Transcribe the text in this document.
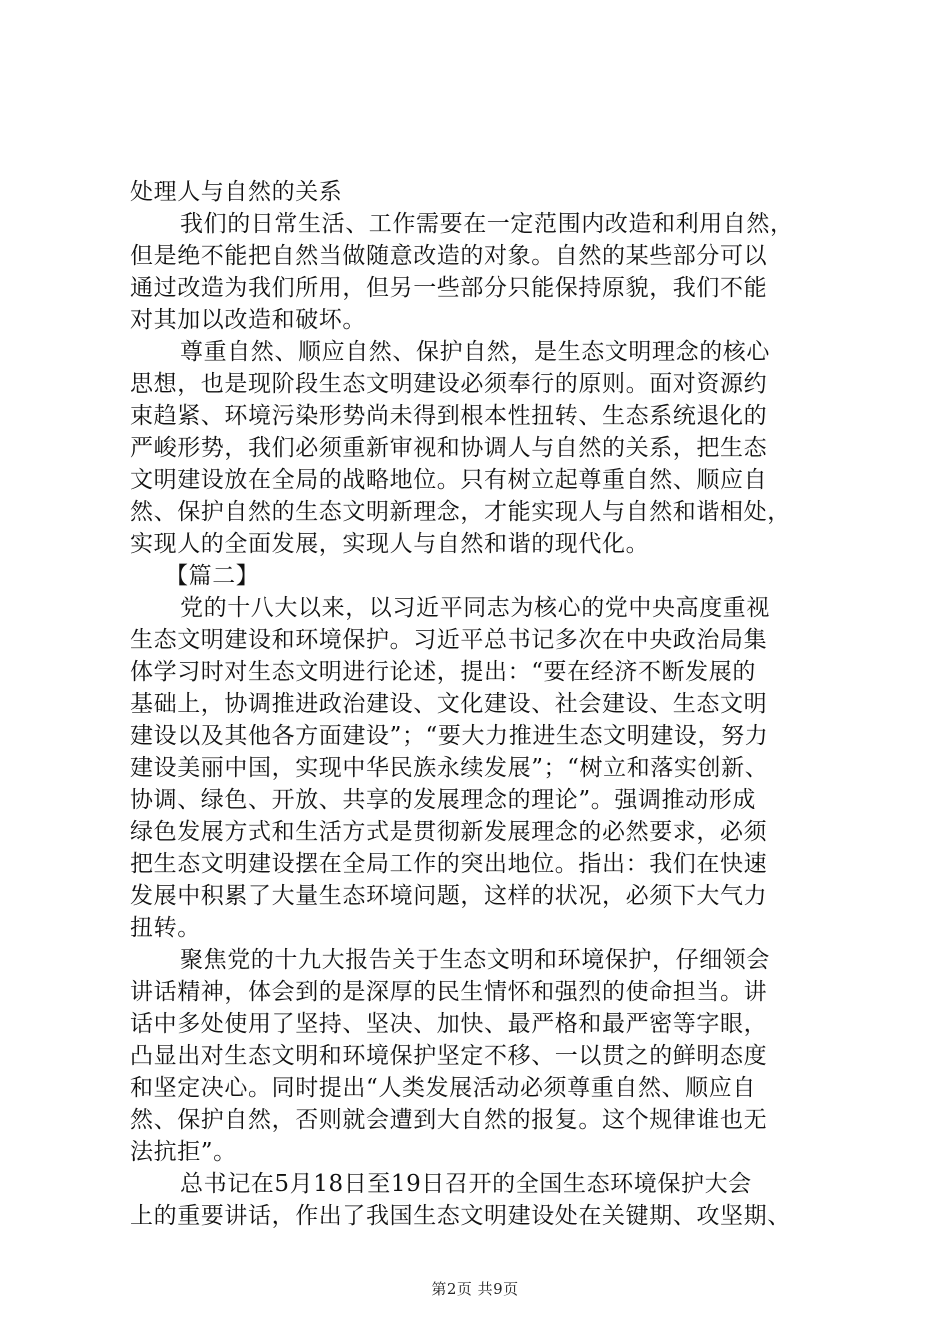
处理人与自然的关系
我们的日常生活、工作需要在一定范围内改造和利用自然，
但是绝不能把自然当做随意改造的对象。自然的某些部分可以
通过改造为我们所用，但另一些部分只能保持原貌，我们不能
对其加以改造和破坏。
尊重自然、顺应自然、保护自然，是生态文明理念的核心
思想，也是现阶段生态文明建设必须奉行的原则。面对资源约
束趋紧、环境污染形势尚未得到根本性扭转、生态系统退化的
严峻形势，我们必须重新审视和协调人与自然的关系，把生态
文明建设放在全局的战略地位。只有树立起尊重自然、顺应自
然、保护自然的生态文明新理念，才能实现人与自然和谐相处，
实现人的全面发展，实现人与自然和谐的现代化。
【篇二】
党的十八大以来，以习近平同志为核心的党中央高度重视
生态文明建设和环境保护。习近平总书记多次在中央政治局集
体学习时对生态文明进行论述，提出：“要在经济不断发展的
基础上，协调推进政治建设、文化建设、社会建设、生态文明
建设以及其他各方面建设”；“要大力推进生态文明建设，努力
建设美丽中国，实现中华民族永续发展”；“树立和落实创新、
协调、绿色、开放、共享的发展理念的理论”。强调推动形成
绿色发展方式和生活方式是贯彻新发展理念的必然要求，必须
把生态文明建设摆在全局工作的突出地位。指出：我们在快速
发展中积累了大量生态环境问题，这样的状况，必须下大气力
扭转。
聚焦党的十九大报告关于生态文明和环境保护，仔细领会
讲话精神，体会到的是深厚的民生情怀和强烈的使命担当。讲
话中多处使用了坚持、坚决、加快、最严格和最严密等字眼，
凸显出对生态文明和环境保护坚定不移、一以贯之的鲜明态度
和坚定决心。同时提出“人类发展活动必须尊重自然、顺应自
然、保护自然，否则就会遭到大自然的报复。这个规律谁也无
法抗拒”。
总书记在5月18日至19日召开的全国生态环境保护大会
上的重要讲话，作出了我国生态文明建设处在关键期、攻坚期、
第2页 共9页
